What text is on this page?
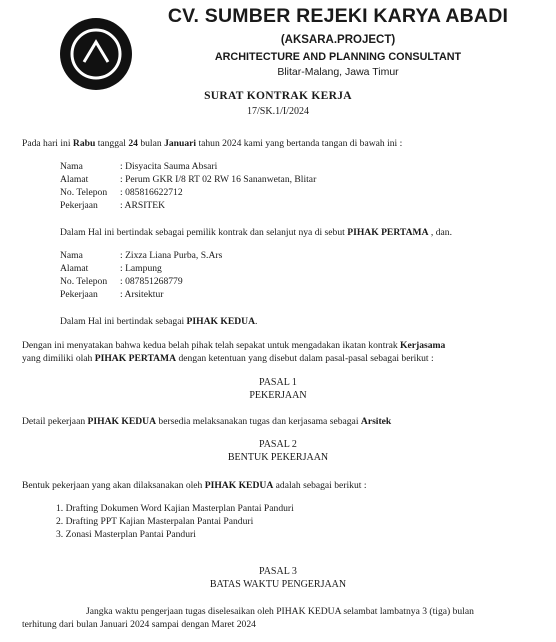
CV. SUMBER REJEKI KARYA ABADI
(AKSARA.PROJECT)
ARCHITECTURE AND PLANNING CONSULTANT
Blitar-Malang, Jawa Timur
SURAT KONTRAK KERJA
17/SK.1/I/2024
Pada hari ini Rabu tanggal 24 bulan Januari tahun 2024 kami yang bertanda tangan di bawah ini :
Nama	: Disyacita Sauma Absari
Alamat	: Perum GKR I/8 RT 02 RW 16 Sananwetan, Blitar
No. Telepon : 085816622712
Pekerjaan : ARSITEK
Dalam Hal ini bertindak sebagai pemilik kontrak dan selanjut nya di sebut PIHAK PERTAMA , dan.
Nama	: Zixza Liana Purba, S.Ars
Alamat	: Lampung
No. Telepon : 087851268779
Pekerjaan : Arsitektur
Dalam Hal ini bertindak sebagai PIHAK KEDUA.
Dengan ini menyatakan bahwa kedua belah pihak telah sepakat untuk mengadakan ikatan kontrak Kerjasama
yang dimiliki olah PIHAK PERTAMA dengan ketentuan yang disebut dalam pasal-pasal sebagai berikut :
PASAL 1
PEKERJAAN
Detail pekerjaan PIHAK KEDUA bersedia melaksanakan tugas dan kerjasama sebagai Arsitek
PASAL 2
BENTUK PEKERJAAN
Bentuk pekerjaan yang akan dilaksanakan oleh PIHAK KEDUA adalah sebagai berikut :
1. Drafting Dokumen Word Kajian Masterplan Pantai Panduri
2. Drafting PPT Kajian Masterpalan Pantai Panduri
3. Zonasi Masterplan Pantai Panduri
PASAL 3
BATAS WAKTU PENGERJAAN
Jangka waktu pengerjaan tugas diselesaikan oleh PIHAK KEDUA selambat lambatnya 3 (tiga) bulan
terhitung dari bulan Januari 2024 sampai dengan Maret 2024
